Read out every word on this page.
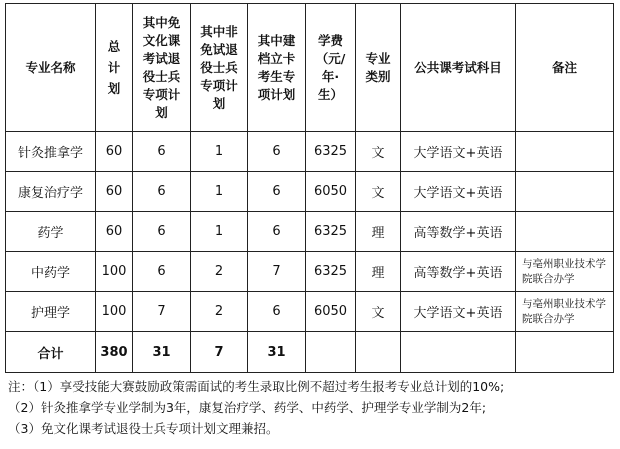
专业名称	总计划	其中免文化课考试退役士兵专项计划	其中非免试退役士兵专项计划	其中建档立卡考生专项计划	学费（元/年·生）	专业类别	公共课考试科目	备注
针灸推拿学	60	6	1	6	6325	文	大学语文+英语	
康复治疗学	60	6	1	6	6050	文	大学语文+英语	
药学	60	6	1	6	6325	理	高等数学+英语	
中药学	100	6	2	7	6325	理	高等数学+英语	与亳州职业技术学院联合办学
护理学	100	7	2	6	6050	文	大学语文+英语	与亳州职业技术学院联合办学
合计	380	31	7	31				
注：（1）享受技能大赛鼓励政策需面试的考生录取比例不超过考生报考专业总计划的10%;
（2）针灸推拿学专业学制为3年，康复治疗学、药学、中药学、护理学专业学制为2年;
（3）免文化课考试退役士兵专项计划文理兼招。
